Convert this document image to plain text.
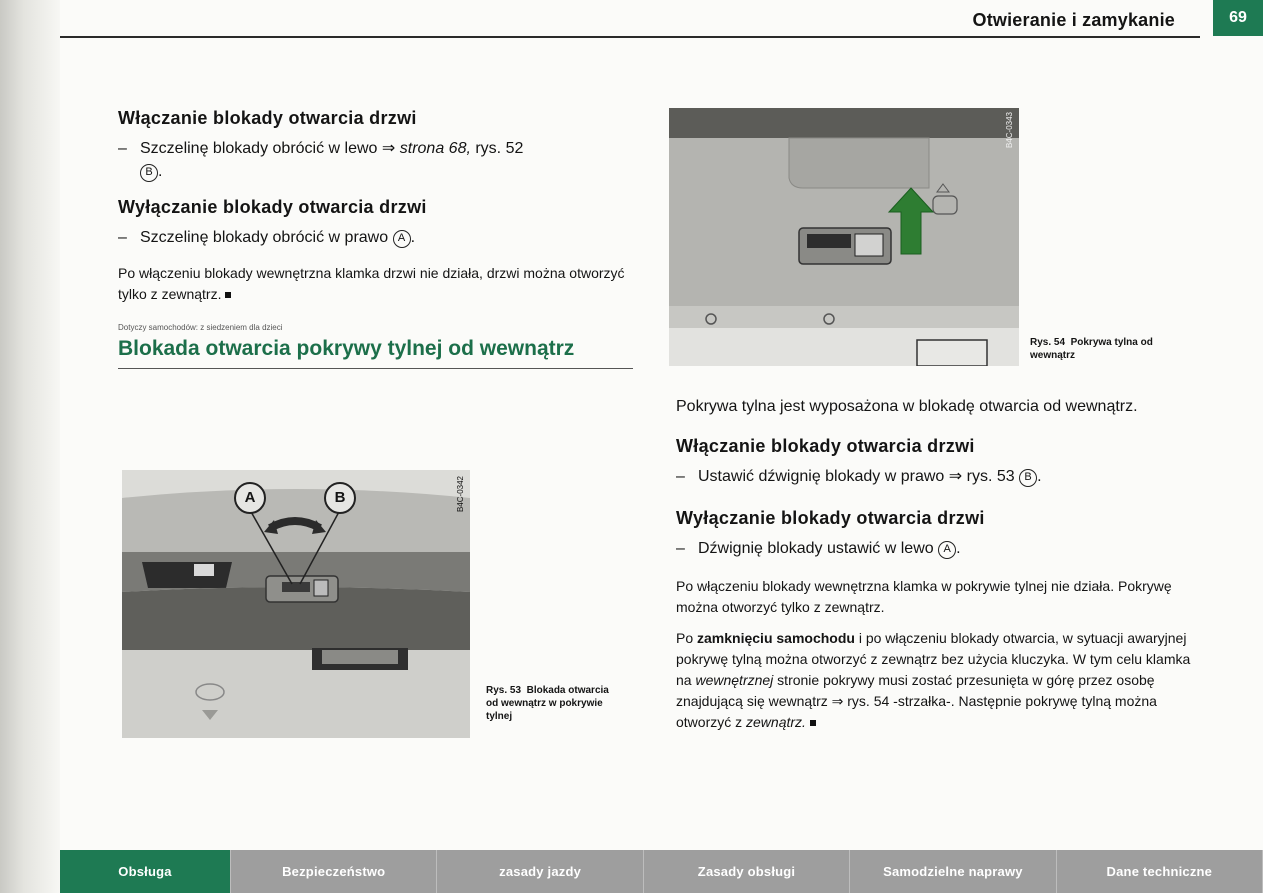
Otwieranie i zamykanie	69
Włączanie blokady otwarcia drzwi
– Szczelinę blokady obrócić w lewo ⇒ strona 68, rys. 52
B .
Wyłączanie blokady otwarcia drzwi
– Szczelinę blokady obrócić w prawo A .

Po włączeniu blokady wewnętrzna klamka drzwi nie działa, drzwi można otworzyć tylko z zewnątrz.

Dotyczy samochodów: z siedzeniem dla dzieci
Blokada otwarcia pokrywy tylnej od wewnątrz
B4C-0342
A	B
Rys. 53 Blokada otwarcia od wewnątrz w pokrywie tylnej
B4C-0343
Rys. 54 Pokrywa tylna od wewnątrz

Pokrywa tylna jest wyposażona w blokadę otwarcia od wewnątrz.

Włączanie blokady otwarcia drzwi
– Ustawić dźwignię blokady w prawo ⇒ rys. 53 B .
Wyłączanie blokady otwarcia drzwi
– Dźwignię blokady ustawić w lewo A .

Po włączeniu blokady wewnętrzna klamka w pokrywie tylnej nie działa. Pokrywę można otworzyć tylko z zewnątrz.

Po zamknięciu samochodu i po włączeniu blokady otwarcia, w sytuacji awaryjnej pokrywę tylną można otworzyć z zewnątrz bez użycia kluczyka. W tym celu klamka na wewnętrznej stronie pokrywy musi zostać przesunięta w górę przez osobę znajdującą się wewnątrz ⇒ rys. 54 -strzałka-. Następnie pokrywę tylną można otworzyć z zewnątrz.

Obsługa	Bezpieczeństwo	zasady jazdy	Zasady obsługi	Samodzielne naprawy	Dane techniczne
